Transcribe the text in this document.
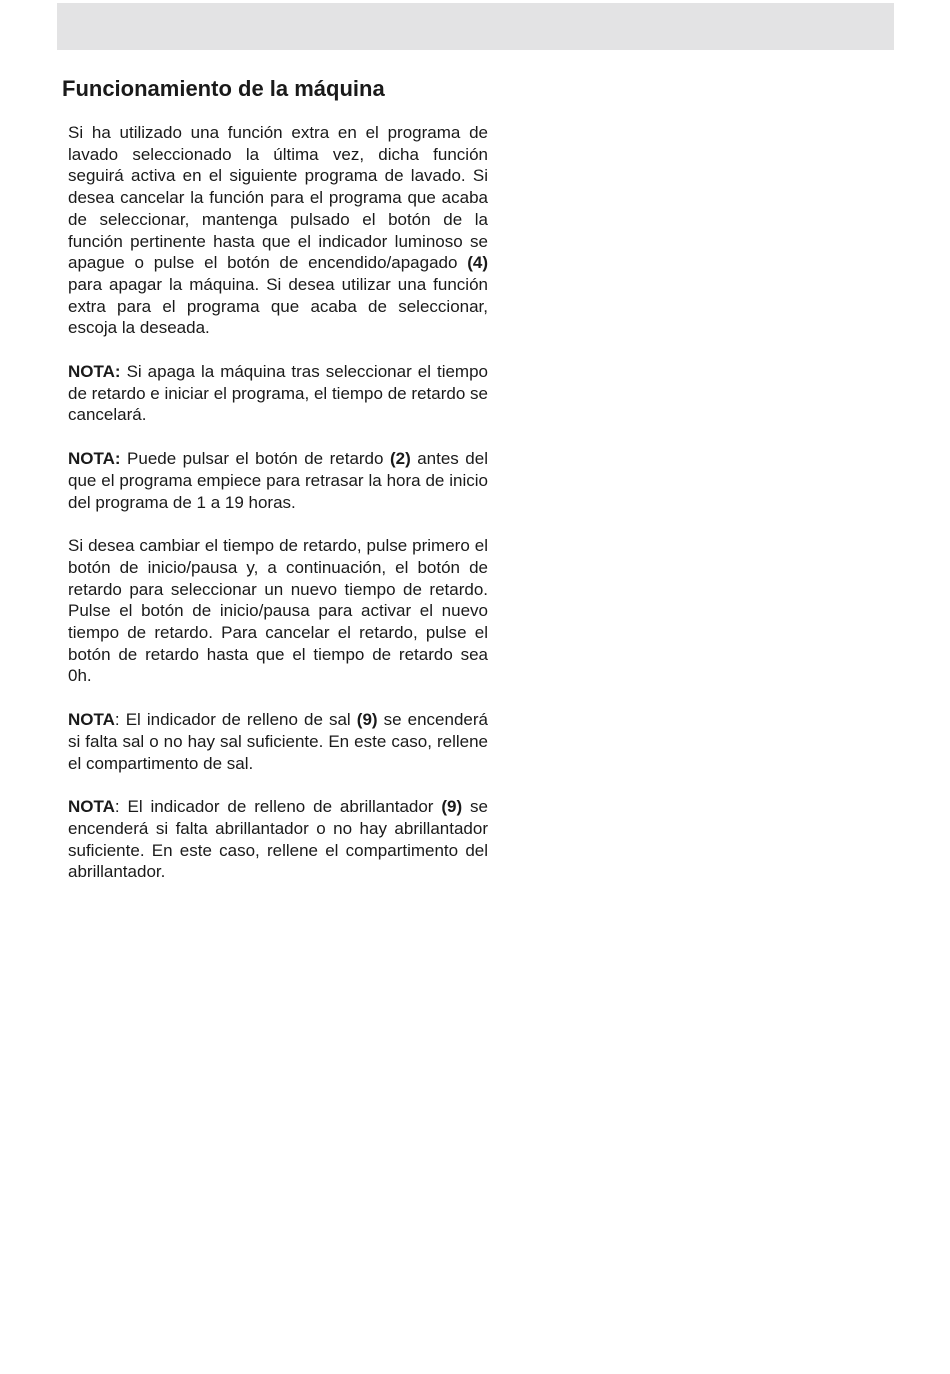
Funcionamiento de la máquina

Si ha utilizado una función extra en el programa de lavado seleccionado la última vez, dicha función seguirá activa en el siguiente programa de lavado. Si desea cancelar la función para el programa que acaba de seleccionar, mantenga pulsado el botón de la función pertinente hasta que el indicador luminoso se apague o pulse el botón de encendido/apagado (4) para apagar la máquina. Si desea utilizar una función extra para el programa que acaba de seleccionar, escoja la deseada.

NOTA: Si apaga la máquina tras seleccionar el tiempo de retardo e iniciar el programa, el tiempo de retardo se cancelará.

NOTA: Puede pulsar el botón de retardo (2) antes del que el programa empiece para retrasar la hora de inicio del programa de 1 a 19 horas.

Si desea cambiar el tiempo de retardo, pulse primero el botón de inicio/pausa y, a continuación, el botón de retardo para seleccionar un nuevo tiempo de retardo. Pulse el botón de inicio/pausa para activar el nuevo tiempo de retardo. Para cancelar el retardo, pulse el botón de retardo hasta que el tiempo de retardo sea 0h.

NOTA: El indicador de relleno de sal (9) se encenderá si falta sal o no hay sal suficiente. En este caso, rellene el compartimento de sal.

NOTA: El indicador de relleno de abrillantador (9) se encenderá si falta abrillantador o no hay abrillantador suficiente. En este caso, rellene el compartimento del abrillantador.
